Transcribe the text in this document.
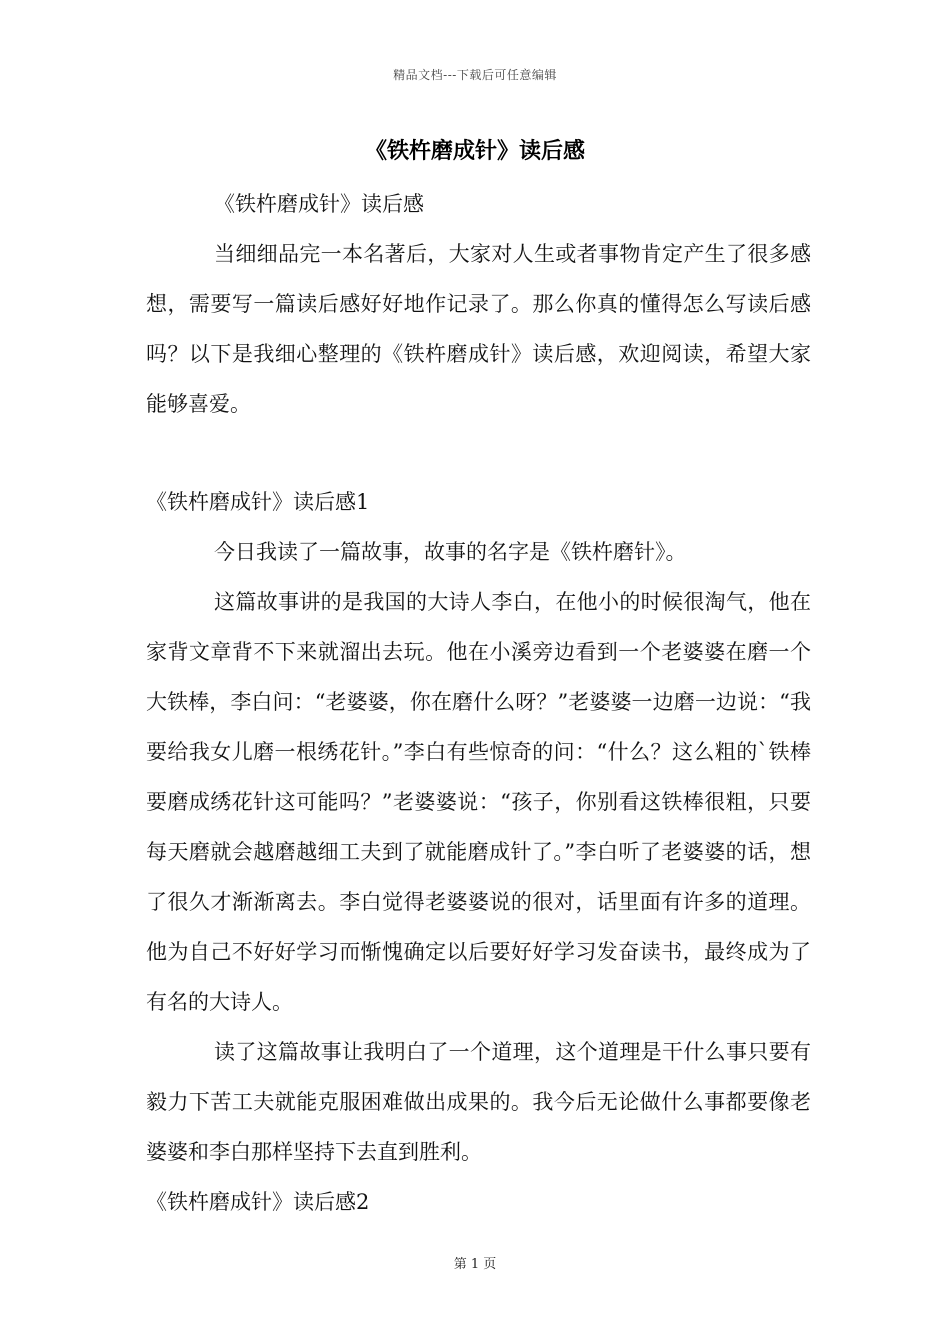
精品文档---下载后可任意编辑
《铁杵磨成针》读后感

《铁杵磨成针》读后感

当细细品完一本名著后，大家对人生或者事物肯定产生了很多感想，需要写一篇读后感好好地作记录了。那么你真的懂得怎么写读后感吗？以下是我细心整理的《铁杵磨成针》读后感，欢迎阅读，希望大家能够喜爱。

《铁杵磨成针》读后感1

今日我读了一篇故事，故事的名字是《铁杵磨针》。

这篇故事讲的是我国的大诗人李白，在他小的时候很淘气，他在家背文章背不下来就溜出去玩。他在小溪旁边看到一个老婆婆在磨一个大铁棒，李白问：“老婆婆，你在磨什么呀？”老婆婆一边磨一边说：“我要给我女儿磨一根绣花针。”李白有些惊奇的问：“什么？这么粗的`铁棒要磨成绣花针这可能吗？”老婆婆说：“孩子，你别看这铁棒很粗，只要每天磨就会越磨越细工夫到了就能磨成针了。”李白听了老婆婆的话，想了很久才渐渐离去。李白觉得老婆婆说的很对，话里面有许多的道理。他为自己不好好学习而惭愧确定以后要好好学习发奋读书，最终成为了有名的大诗人。

读了这篇故事让我明白了一个道理，这个道理是干什么事只要有毅力下苦工夫就能克服困难做出成果的。我今后无论做什么事都要像老婆婆和李白那样坚持下去直到胜利。

《铁杵磨成针》读后感2

第 1 页
